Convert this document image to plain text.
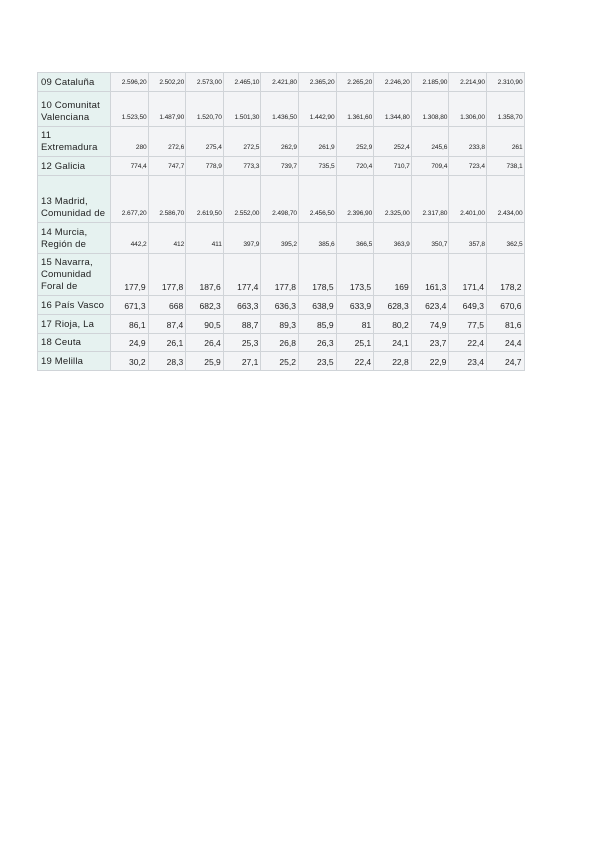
09 Cataluña	2.596,20	2.502,20	2.573,00	2.465,10	2.421,80	2.365,20	2.265,20	2.246,20	2.185,90	2.214,90	2.310,90
10 Comunitat Valenciana	1.523,50	1.487,90	1.520,70	1.501,30	1.436,50	1.442,90	1.361,60	1.344,80	1.308,80	1.306,00	1.358,70
11 Extremadura	280	272,6	275,4	272,5	262,9	261,9	252,9	252,4	245,6	233,8	261
12 Galicia	774,4	747,7	778,9	773,3	739,7	735,5	720,4	710,7	709,4	723,4	738,1
13 Madrid, Comunidad de	2.677,20	2.586,70	2.619,50	2.552,00	2.498,70	2.456,50	2.396,90	2.325,00	2.317,80	2.401,00	2.434,00
14 Murcia, Región de	442,2	412	411	397,9	395,2	385,6	366,5	363,9	350,7	357,8	362,5
15 Navarra, Comunidad Foral de	177,9	177,8	187,6	177,4	177,8	178,5	173,5	169	161,3	171,4	178,2
16 País Vasco	671,3	668	682,3	663,3	636,3	638,9	633,9	628,3	623,4	649,3	670,6
17 Rioja, La	86,1	87,4	90,5	88,7	89,3	85,9	81	80,2	74,9	77,5	81,6
18 Ceuta	24,9	26,1	26,4	25,3	26,8	26,3	25,1	24,1	23,7	22,4	24,4
19 Melilla	30,2	28,3	25,9	27,1	25,2	23,5	22,4	22,8	22,9	23,4	24,7
